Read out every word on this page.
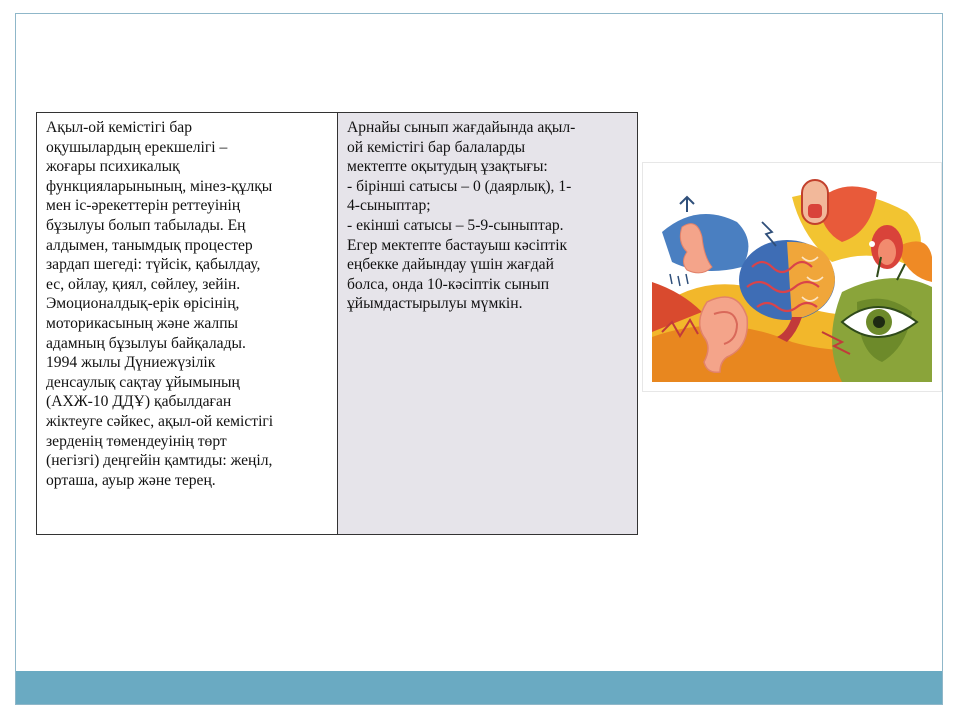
Ақыл-ой кемістігі бар
оқушылардың ерекшелігі –
жоғары психикалық
функцияларынының, мінез-құлқы
мен іс-әрекеттерін реттеуінің
бұзылуы болып табылады. Ең
алдымен, танымдық процестер
зардап шегеді: түйсік, қабылдау,
ес, ойлау, қиял, сөйлеу, зейін.
Эмоционалдық-ерік өрісінің,
моторикасының және жалпы
адамның бұзылуы байқалады.
1994 жылы Дүниежүзілік
денсаулық сақтау ұйымының
(АХЖ-10 ДДҰ) қабылдаған
жіктеуге сәйкес, ақыл-ой кемістігі
зерденің төмендеуінің төрт
(негізгі) деңгейін қамтиды: жеңіл,
орташа, ауыр және терең.
Арнайы сынып жағдайында ақыл-
ой кемістігі бар балаларды
мектепте оқытудың ұзақтығы:
- бірінші сатысы – 0 (даярлық), 1-
4-сыныптар;
- екінші сатысы – 5-9-сыныптар.
Егер мектепте бастауыш кәсіптік
еңбекке дайындау үшін жағдай
болса, онда 10-кәсіптік сынып
ұйымдастырылуы мүмкін.
